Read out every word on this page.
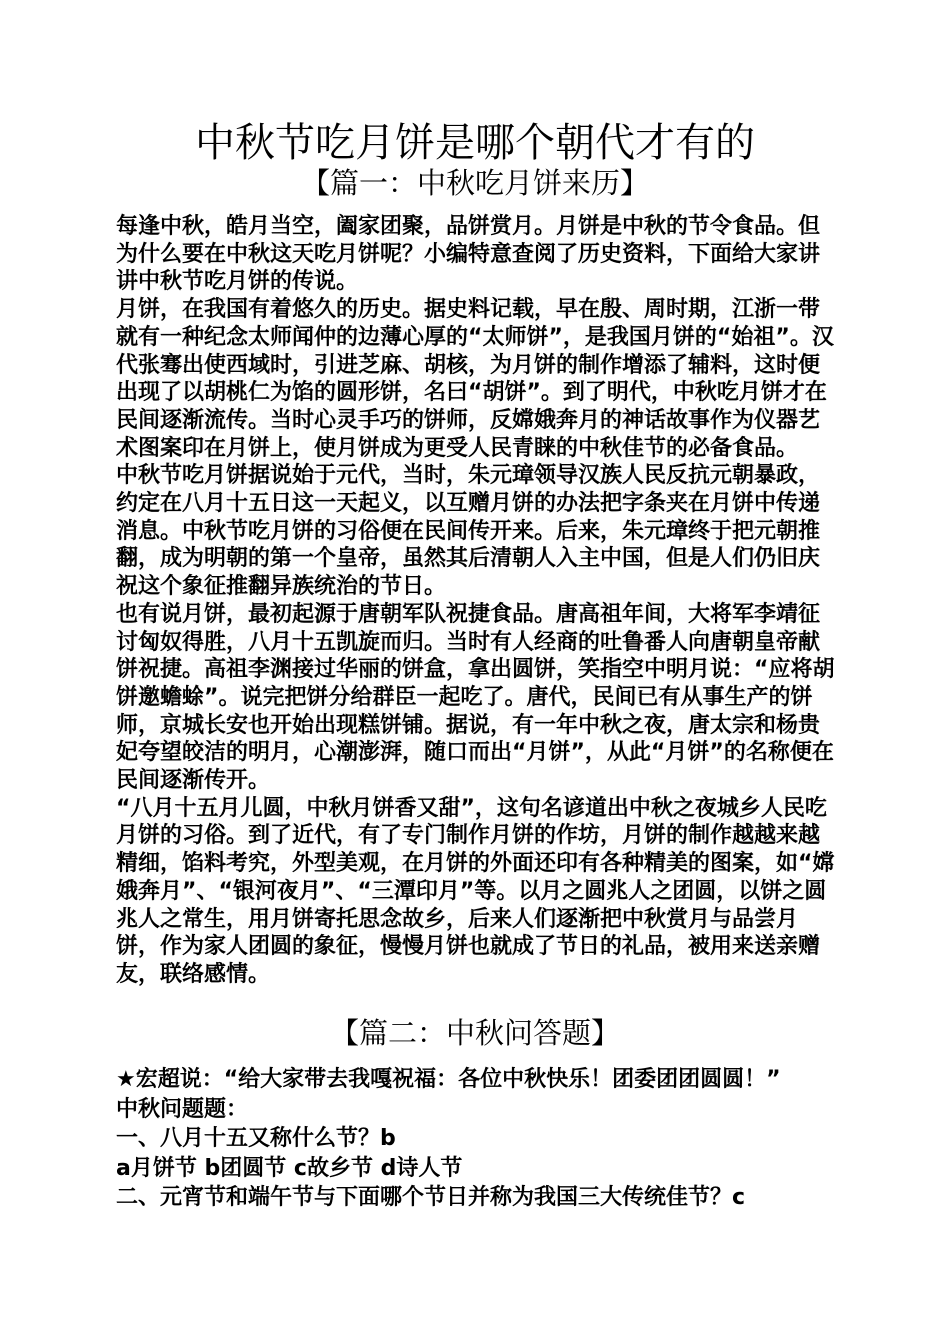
中秋节吃月饼是哪个朝代才有的
【篇一：中秋吃月饼来历】

每逢中秋，皓月当空，阖家团聚，品饼赏月。月饼是中秋的节令食品。但为什么要在中秋这天吃月饼呢？小编特意查阅了历史资料，下面给大家讲讲中秋节吃月饼的传说。

月饼，在我国有着悠久的历史。据史料记载，早在殷、周时期，江浙一带就有一种纪念太师闻仲的边薄心厚的“太师饼”，是我国月饼的“始祖”。汉代张骞出使西域时，引进芝麻、胡核，为月饼的制作增添了辅料，这时便出现了以胡桃仁为馅的圆形饼，名曰“胡饼”。到了明代，中秋吃月饼才在民间逐渐流传。当时心灵手巧的饼师，反嫦娥奔月的神话故事作为仪器艺术图案印在月饼上，使月饼成为更受人民青睐的中秋佳节的必备食品。

中秋节吃月饼据说始于元代，当时，朱元璋领导汉族人民反抗元朝暴政，约定在八月十五日这一天起义，以互赠月饼的办法把字条夹在月饼中传递消息。中秋节吃月饼的习俗便在民间传开来。后来，朱元璋终于把元朝推翻，成为明朝的第一个皇帝，虽然其后清朝人入主中国，但是人们仍旧庆祝这个象征推翻异族统治的节日。

也有说月饼，最初起源于唐朝军队祝捷食品。唐高祖年间，大将军李靖征讨匈奴得胜，八月十五凯旋而归。当时有人经商的吐鲁番人向唐朝皇帝献饼祝捷。高祖李渊接过华丽的饼盒，拿出圆饼，笑指空中明月说：“应将胡饼邀蟾蜍”。说完把饼分给群臣一起吃了。唐代，民间已有从事生产的饼师，京城长安也开始出现糕饼铺。据说，有一年中秋之夜，唐太宗和杨贵妃夸望皎洁的明月，心潮澎湃，随口而出“月饼”，从此“月饼”的名称便在民间逐渐传开。

“八月十五月儿圆，中秋月饼香又甜”，这句名谚道出中秋之夜城乡人民吃月饼的习俗。到了近代，有了专门制作月饼的作坊，月饼的制作越越来越精细，馅料考究，外型美观，在月饼的外面还印有各种精美的图案，如“嫦娥奔月”、“银河夜月”、“三潭印月”等。以月之圆兆人之团圆，以饼之圆兆人之常生，用月饼寄托思念故乡，后来人们逐渐把中秋赏月与品尝月饼，作为家人团圆的象征，慢慢月饼也就成了节日的礼品，被用来送亲赠友，联络感情。

【篇二：中秋问答题】

★宏超说：“给大家带去我嘎祝福：各位中秋快乐！团委团团圆圆！”

中秋问题题：

一、八月十五又称什么节？b

a月饼节 b团圆节 c故乡节 d诗人节

二、元宵节和端午节与下面哪个节日并称为我国三大传统佳节？c
